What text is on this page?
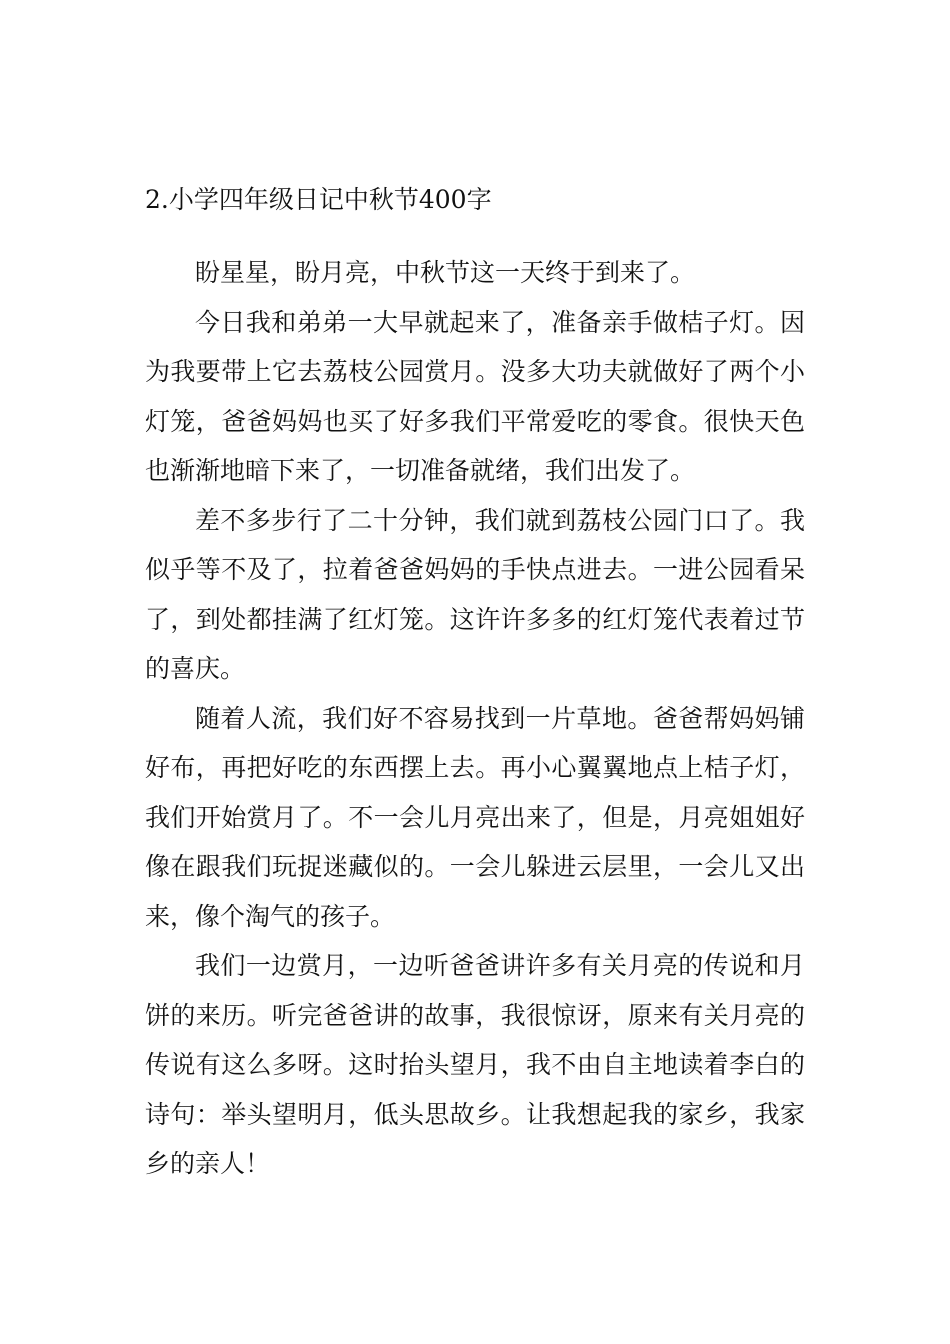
2.小学四年级日记中秋节400字

盼星星，盼月亮，中秋节这一天终于到来了。

今日我和弟弟一大早就起来了，准备亲手做桔子灯。因为我要带上它去荔枝公园赏月。没多大功夫就做好了两个小灯笼，爸爸妈妈也买了好多我们平常爱吃的零食。很快天色也渐渐地暗下来了，一切准备就绪，我们出发了。

差不多步行了二十分钟，我们就到荔枝公园门口了。我似乎等不及了，拉着爸爸妈妈的手快点进去。一进公园看呆了，到处都挂满了红灯笼。这许许多多的红灯笼代表着过节的喜庆。

随着人流，我们好不容易找到一片草地。爸爸帮妈妈铺好布，再把好吃的东西摆上去。再小心翼翼地点上桔子灯，我们开始赏月了。不一会儿月亮出来了，但是，月亮姐姐好像在跟我们玩捉迷藏似的。一会儿躲进云层里，一会儿又出来，像个淘气的孩子。

我们一边赏月，一边听爸爸讲许多有关月亮的传说和月饼的来历。听完爸爸讲的故事，我很惊讶，原来有关月亮的传说有这么多呀。这时抬头望月，我不由自主地读着李白的诗句：举头望明月，低头思故乡。让我想起我的家乡，我家乡的亲人！
